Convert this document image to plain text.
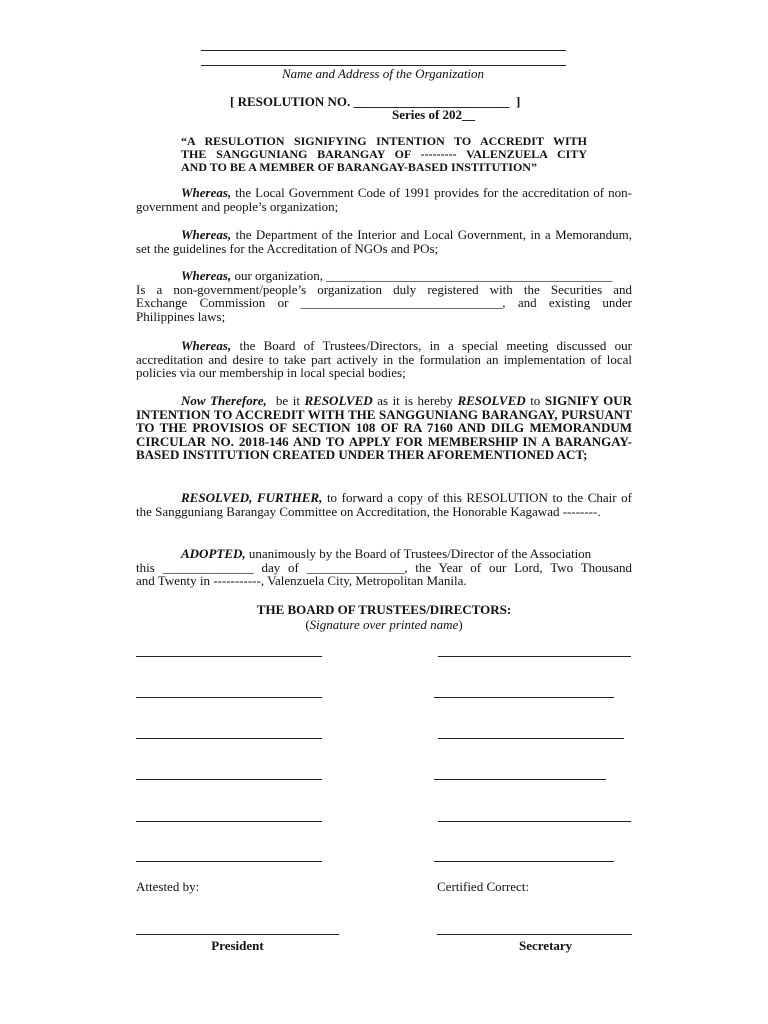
Name and Address of the Organization
[ RESOLUTION NO. ________________________  ]
Series of 202__
“A RESULOTION SIGNIFYING INTENTION TO ACCREDIT WITH
THE SANGGUNIANG BARANGAY OF --------- VALENZUELA CITY
AND TO BE A MEMBER OF BARANGAY-BASED INSTITUTION”
Whereas, the Local Government Code of 1991 provides for the accreditation of non- government and people’s organization;
Whereas, the Department of the Interior and Local Government, in a Memorandum, set the guidelines for the Accreditation of NGOs and POs;
Whereas, our organization, ____________________________________________
Is a non-government/people’s organization duly registered with the Securities and
Exchange Commission or _______________________________, and existing under
Philippines laws;
Whereas, the Board of Trustees/Directors, in a special meeting discussed our accreditation and desire to take part actively in the formulation an implementation of local policies via our membership in local special bodies;
Now Therefore,  be it RESOLVED as it is hereby RESOLVED to SIGNIFY OUR INTENTION TO ACCREDIT WITH THE SANGGUNIANG BARANGAY, PURSUANT TO THE PROVISIOS OF SECTION 108 OF RA 7160 AND DILG MEMORANDUM CIRCULAR NO. 2018-146 AND TO APPLY FOR MEMBERSHIP IN A BARANGAY-BASED INSTITUTION CREATED UNDER THER AFOREMENTIONED ACT;
RESOLVED, FURTHER, to forward a copy of this RESOLUTION to the Chair of the Sangguniang Barangay Committee on Accreditation, the Honorable Kagawad --------.
ADOPTED, unanimously by the Board of Trustees/Director of the Association
this ______________ day of _______________, the Year of our Lord, Two Thousand
and Twenty in -----------, Valenzuela City, Metropolitan Manila.
THE BOARD OF TRUSTEES/DIRECTORS:
(Signature over printed name)
Attested by:	Certified Correct:
President	Secretary
